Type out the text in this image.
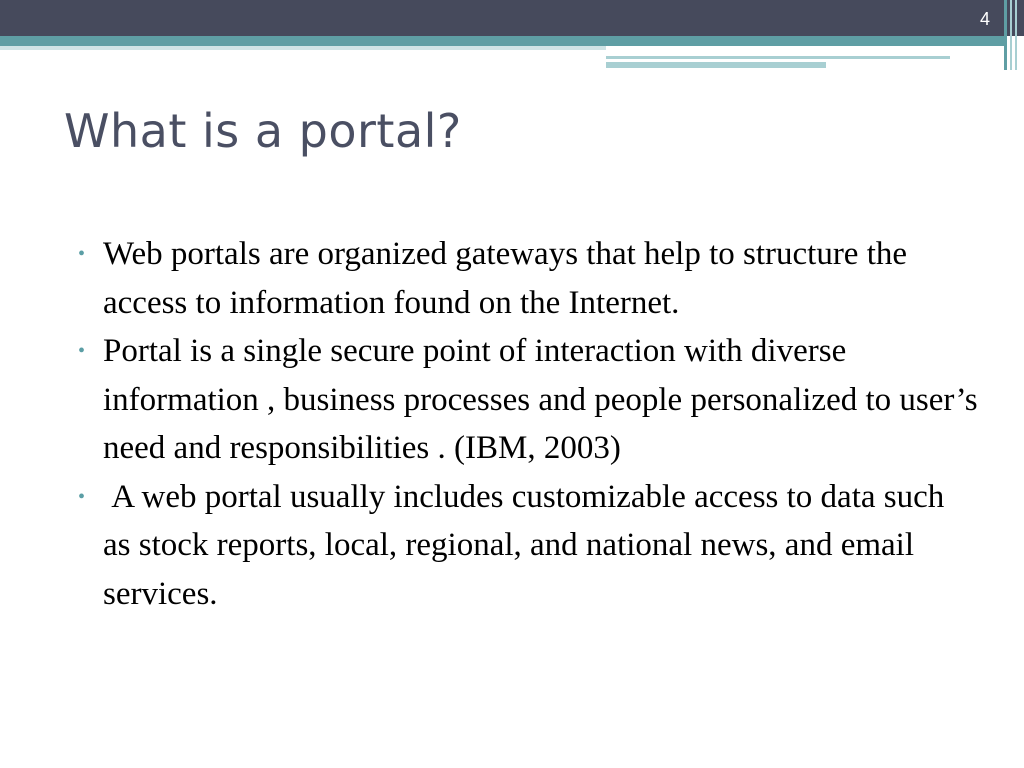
4
What is a portal?
• Web portals are organized gateways that help to structure the access to information found on the Internet.
• Portal is a single secure point of interaction with diverse information , business processes and people personalized to user’s need and responsibilities . (IBM, 2003)
• A web portal usually includes customizable access to data such as stock reports, local, regional, and national news, and email services.
